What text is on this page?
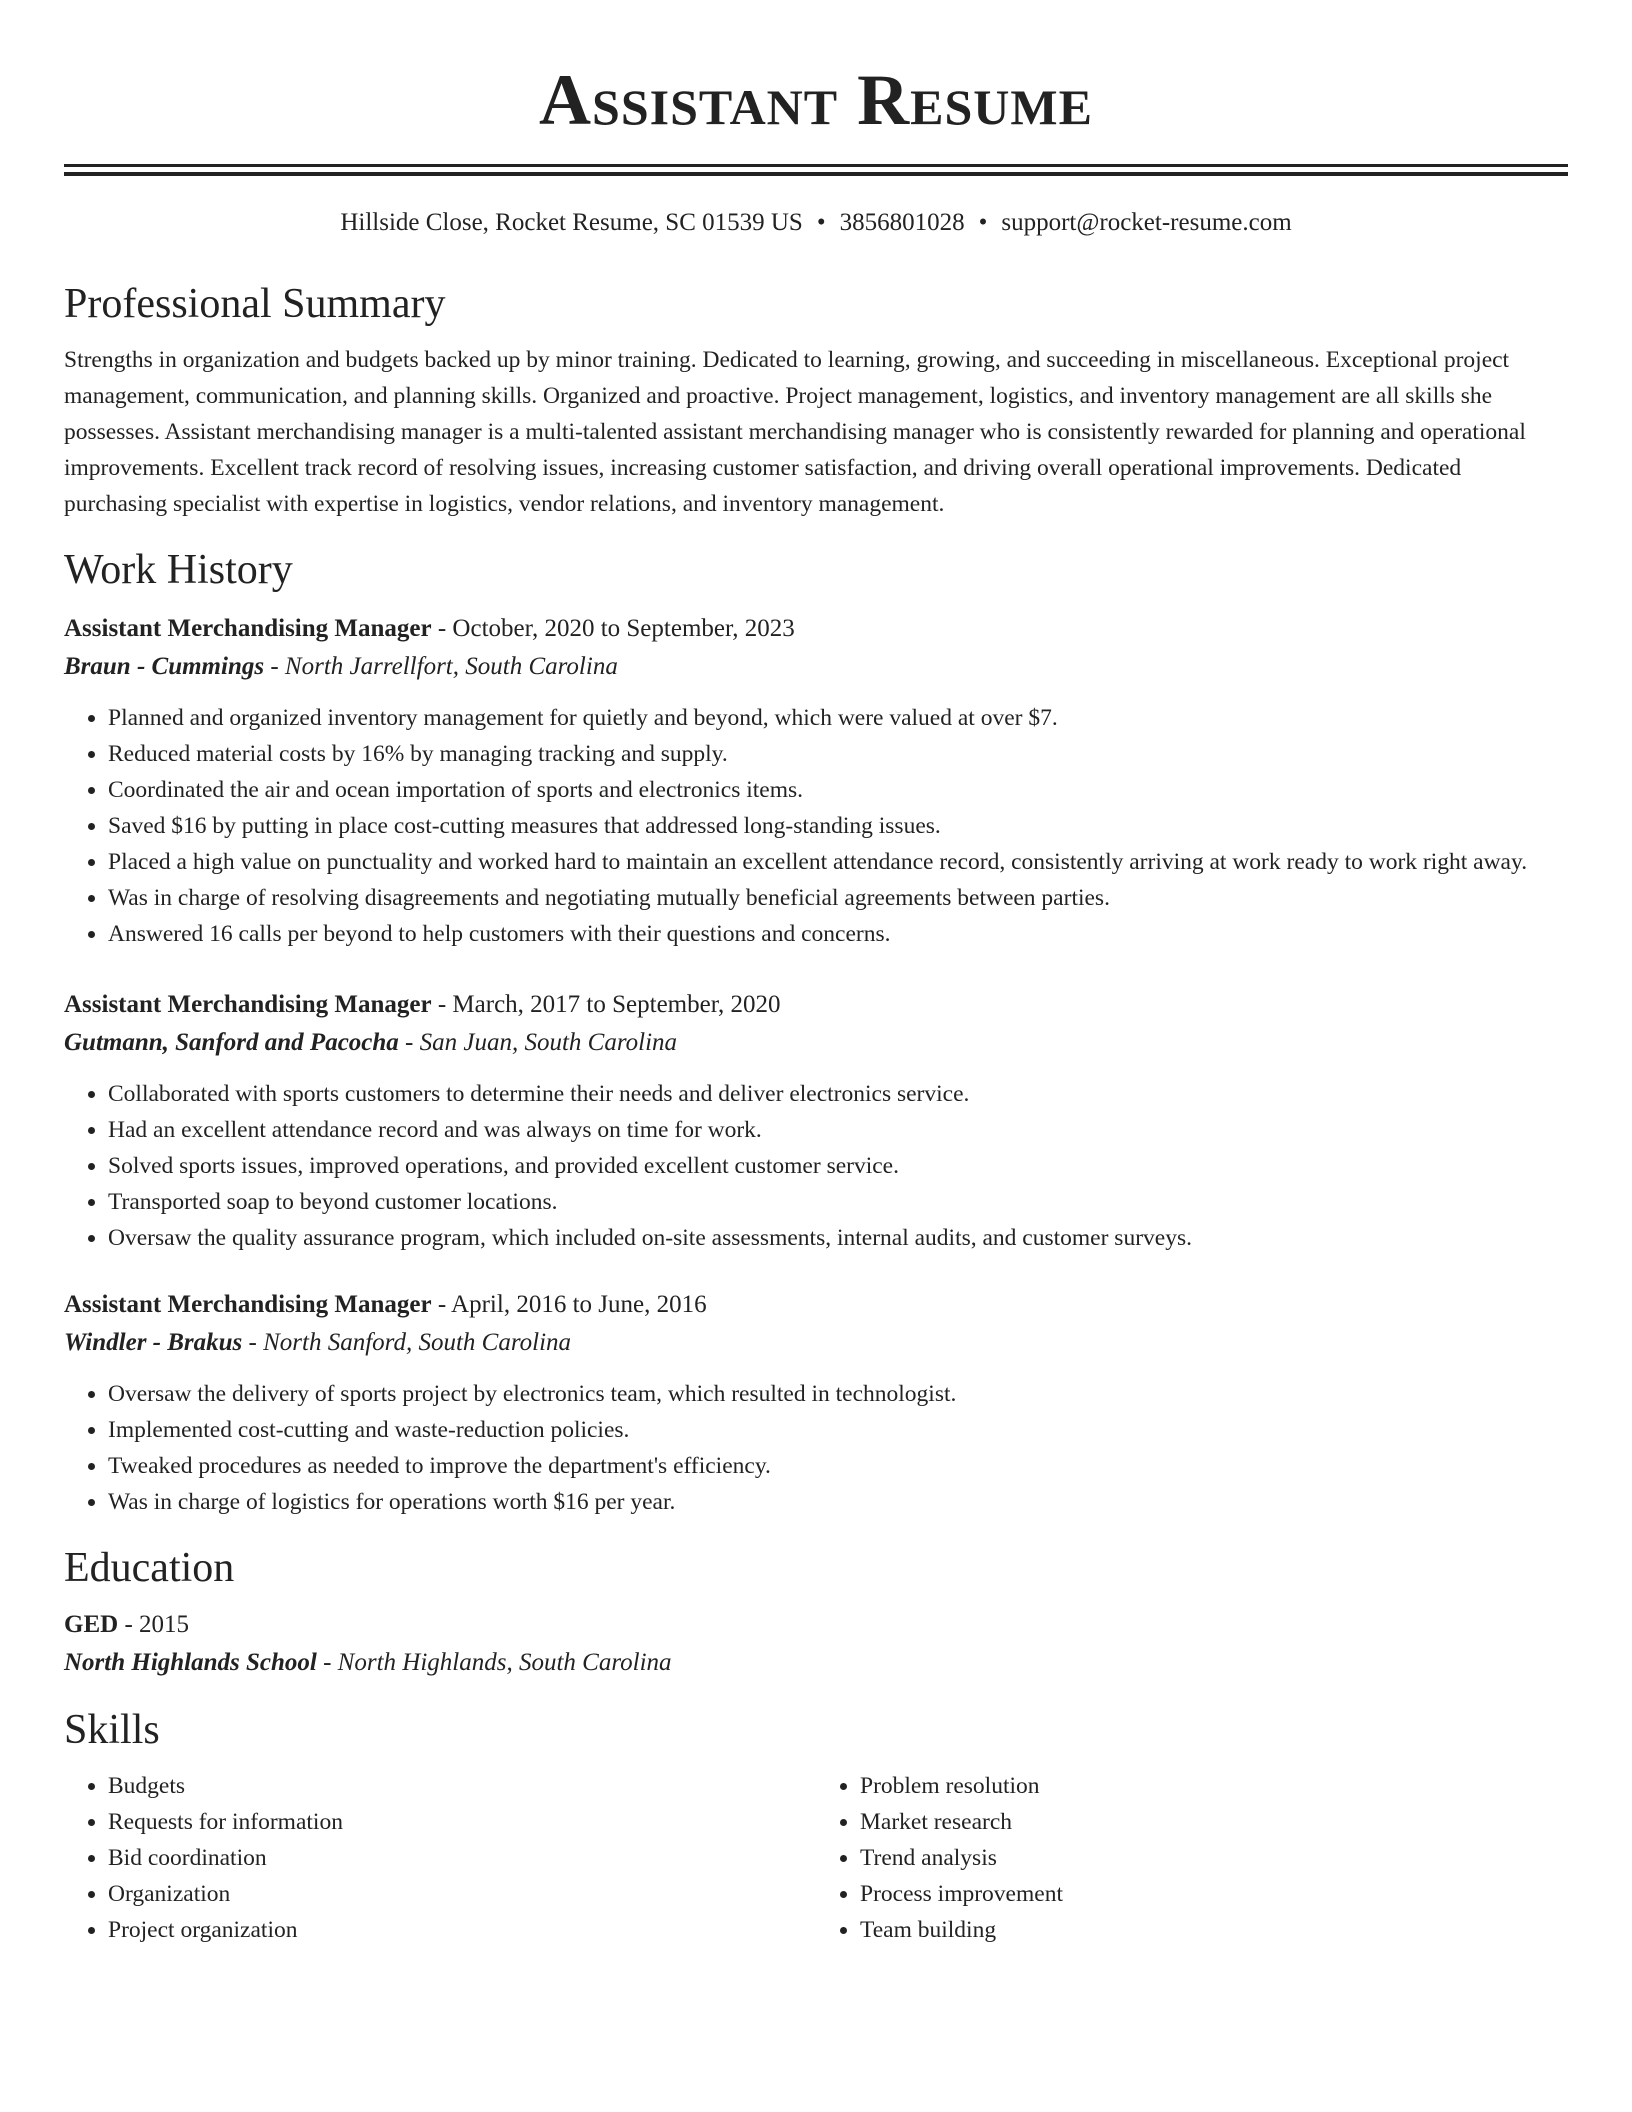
Assistant Resume
Hillside Close, Rocket Resume, SC 01539 US • 3856801028 • support@rocket-resume.com
Professional Summary

Strengths in organization and budgets backed up by minor training. Dedicated to learning, growing, and succeeding in miscellaneous. Exceptional project management, communication, and planning skills. Organized and proactive. Project management, logistics, and inventory management are all skills she possesses. Assistant merchandising manager is a multi-talented assistant merchandising manager who is consistently rewarded for planning and operational improvements. Excellent track record of resolving issues, increasing customer satisfaction, and driving overall operational improvements. Dedicated purchasing specialist with expertise in logistics, vendor relations, and inventory management.

Work History
Assistant Merchandising Manager - October, 2020 to September, 2023
Braun - Cummings - North Jarrellfort, South Carolina
• Planned and organized inventory management for quietly and beyond, which were valued at over $7.
• Reduced material costs by 16% by managing tracking and supply.
• Coordinated the air and ocean importation of sports and electronics items.
• Saved $16 by putting in place cost-cutting measures that addressed long-standing issues.
• Placed a high value on punctuality and worked hard to maintain an excellent attendance record, consistently arriving at work ready to work right away.
• Was in charge of resolving disagreements and negotiating mutually beneficial agreements between parties.
• Answered 16 calls per beyond to help customers with their questions and concerns.
Assistant Merchandising Manager - March, 2017 to September, 2020
Gutmann, Sanford and Pacocha - San Juan, South Carolina
• Collaborated with sports customers to determine their needs and deliver electronics service.
• Had an excellent attendance record and was always on time for work.
• Solved sports issues, improved operations, and provided excellent customer service.
• Transported soap to beyond customer locations.
• Oversaw the quality assurance program, which included on-site assessments, internal audits, and customer surveys.
Assistant Merchandising Manager - April, 2016 to June, 2016
Windler - Brakus - North Sanford, South Carolina
• Oversaw the delivery of sports project by electronics team, which resulted in technologist.
• Implemented cost-cutting and waste-reduction policies.
• Tweaked procedures as needed to improve the department's efficiency.
• Was in charge of logistics for operations worth $16 per year.
Education
GED - 2015
North Highlands School - North Highlands, South Carolina
Skills
• Budgets
• Requests for information
• Bid coordination
• Organization
• Project organization
• Problem resolution
• Market research
• Trend analysis
• Process improvement
• Team building
